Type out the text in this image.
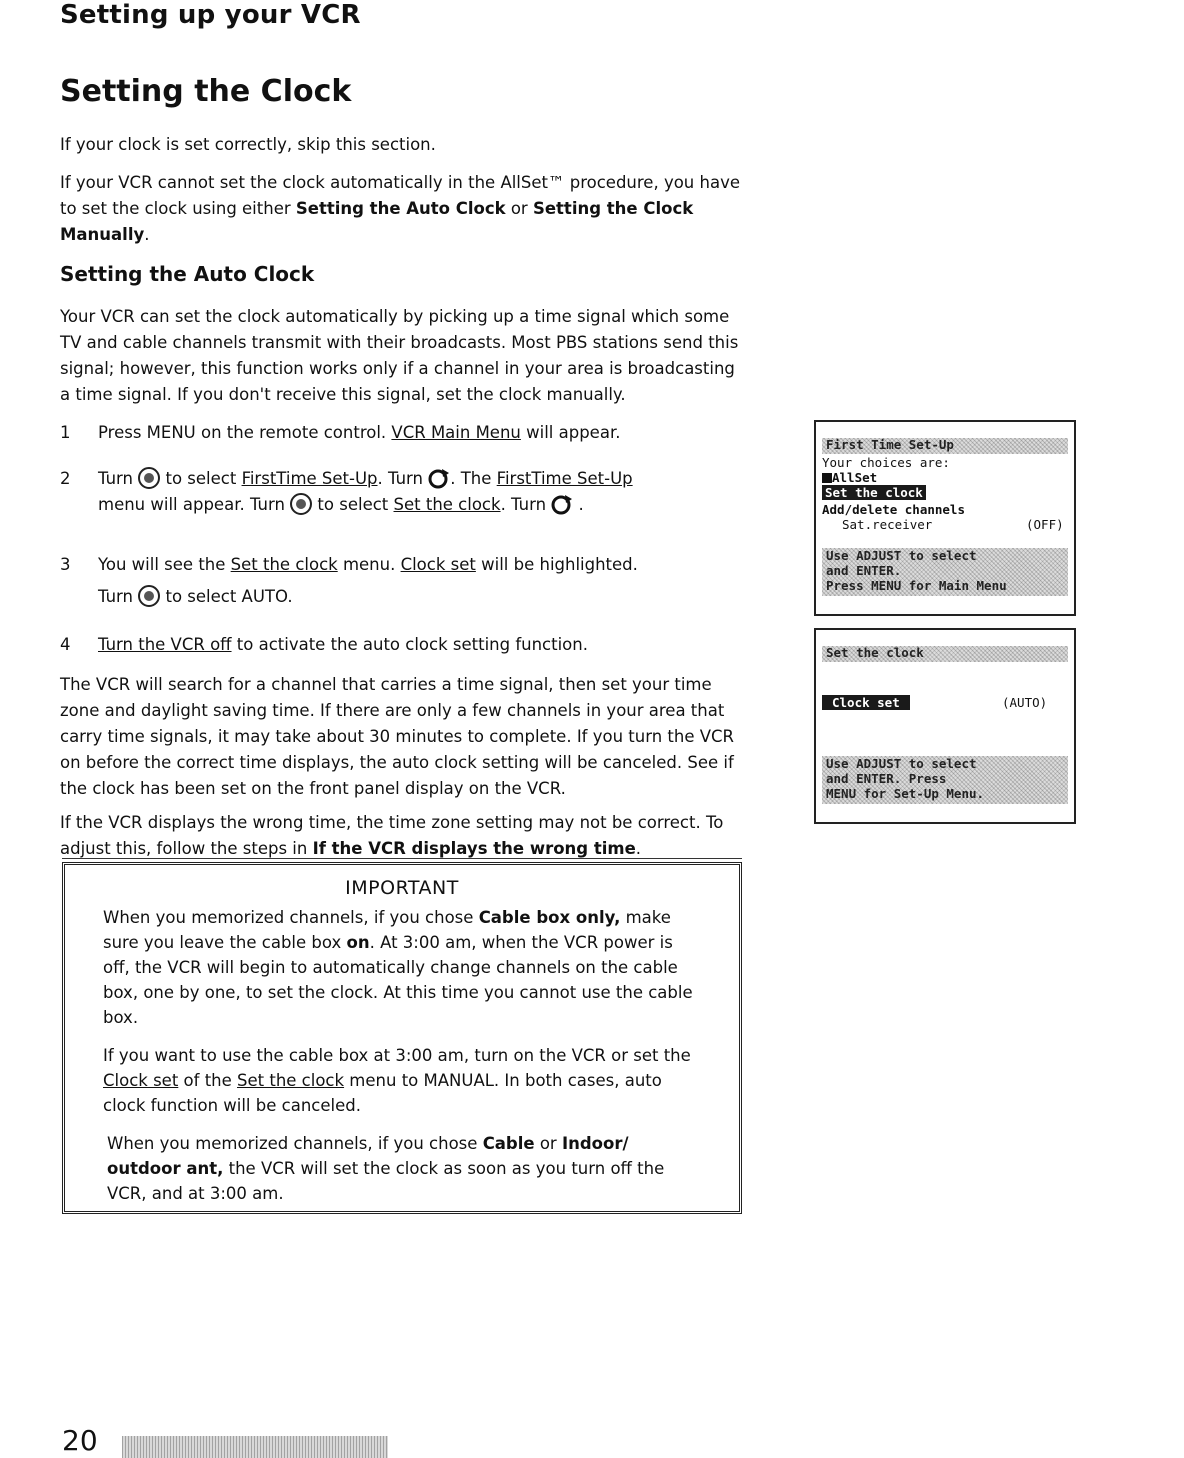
Setting up your VCR
Setting the Clock
If your clock is set correctly, skip this section.
If your VCR cannot set the clock automatically in the AllSet™ procedure, you have to set the clock using either Setting the Auto Clock or Setting the Clock Manually.
Setting the Auto Clock
Your VCR can set the clock automatically by picking up a time signal which some TV and cable channels transmit with their broadcasts. Most PBS stations send this signal; however, this function works only if a channel in your area is broadcasting a time signal. If you don't receive this signal, set the clock manually.
1	Press MENU on the remote control. VCR Main Menu will appear.
2	Turn  to select FirstTime Set-Up. Turn . The FirstTime Set-Up
menu will appear. Turn  to select Set the clock. Turn  .
3	You will see the Set the clock menu. Clock set will be highlighted.
Turn  to select AUTO.
4	Turn the VCR off to activate the auto clock setting function.
The VCR will search for a channel that carries a time signal, then set your time zone and daylight saving time. If there are only a few channels in your area that carry time signals, it may take about 30 minutes to complete. If you turn the VCR on before the correct time displays, the auto clock setting will be canceled. See if the clock has been set on the front panel display on the VCR.
If the VCR displays the wrong time, the time zone setting may not be correct. To adjust this, follow the steps in If the VCR displays the wrong time.
IMPORTANT
When you memorized channels, if you chose Cable box only, make sure you leave the cable box on. At 3:00 am, when the VCR power is off, the VCR will begin to automatically change channels on the cable box, one by one, to set the clock. At this time you cannot use the cable box.
If you want to use the cable box at 3:00 am, turn on the VCR or set the Clock set of the Set the clock menu to MANUAL. In both cases, auto clock function will be canceled.
When you memorized channels, if you chose Cable or Indoor/ outdoor ant, the VCR will set the clock as soon as you turn off the VCR, and at 3:00 am.
First Time Set-Up
Your choices are:
AllSet
Set the clock
Add/delete channels
Sat.receiver	(OFF)
Use ADJUST to select
and ENTER.
Press MENU for Main Menu
Set the clock
Clock set	(AUTO)
Use ADJUST to select
and ENTER. Press
MENU for Set-Up Menu.
20
